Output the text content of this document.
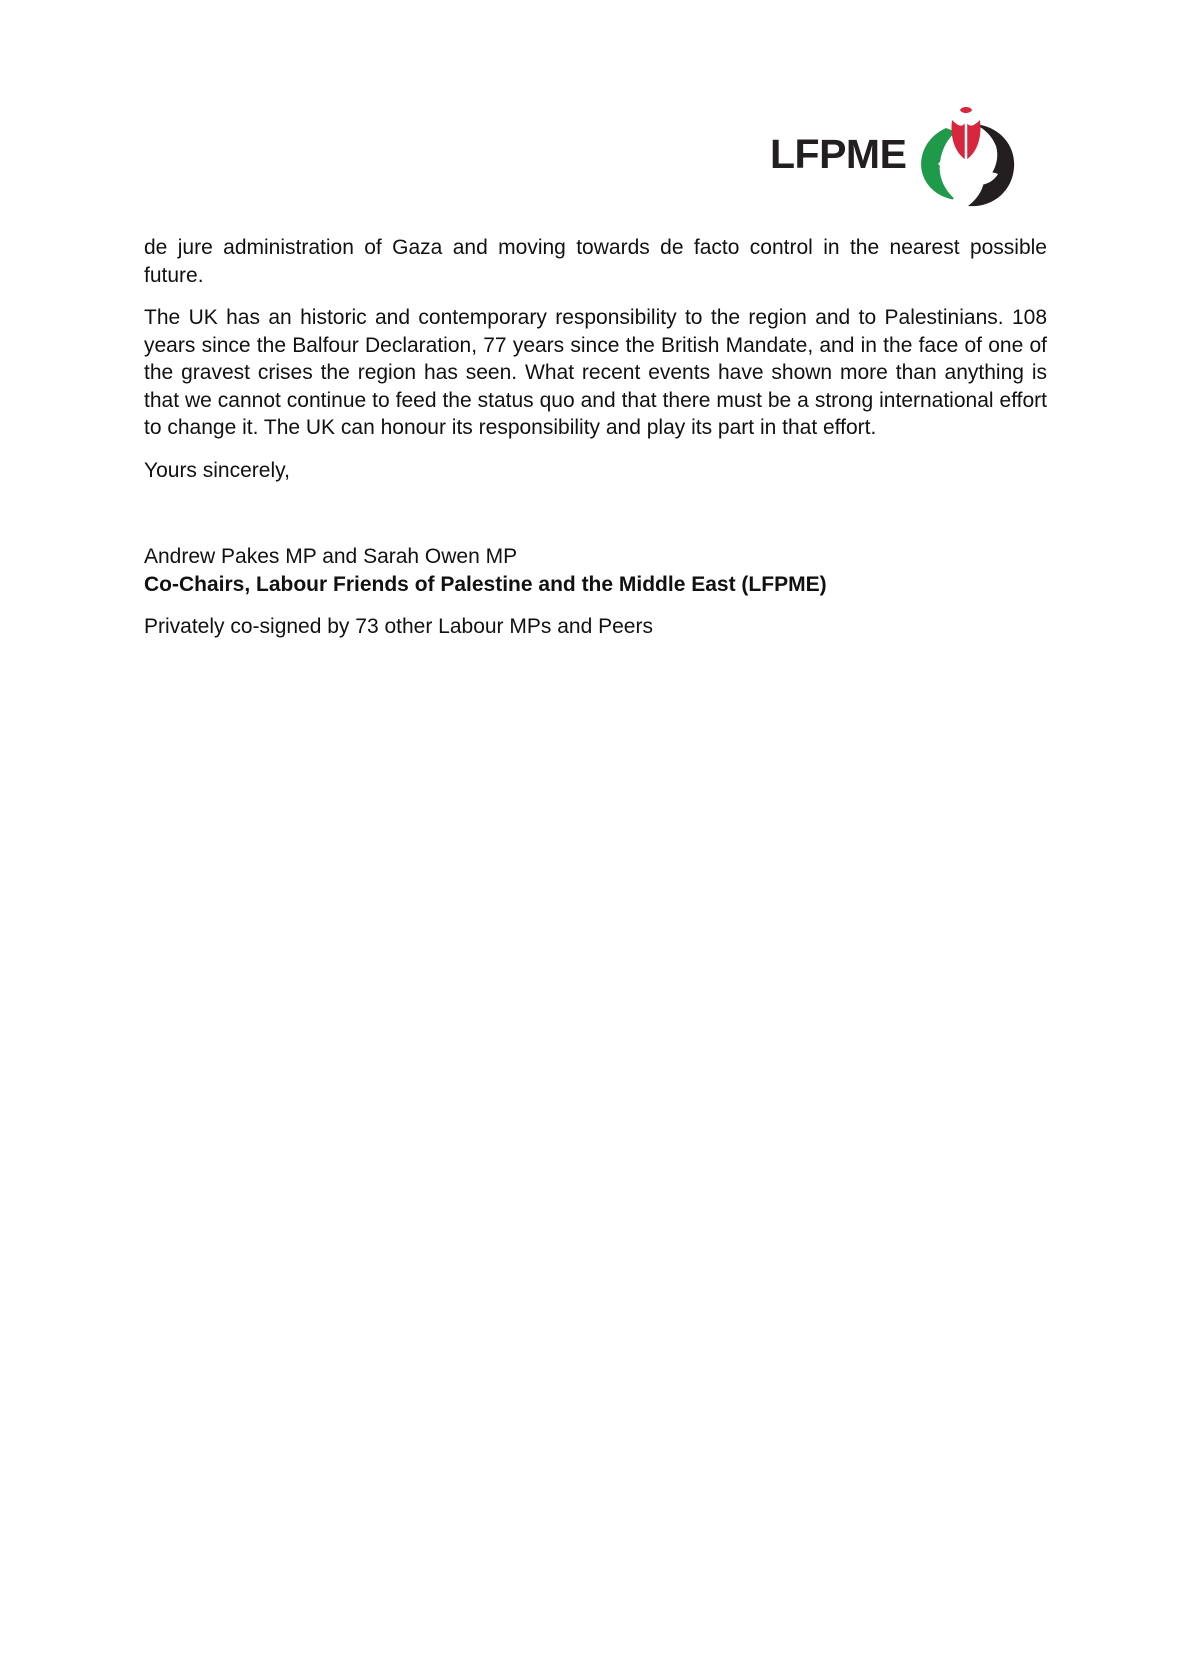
LFPME

de jure administration of Gaza and moving towards de facto control in the nearest possible future.

The UK has an historic and contemporary responsibility to the region and to Palestinians. 108 years since the Balfour Declaration, 77 years since the British Mandate, and in the face of one of the gravest crises the region has seen. What recent events have shown more than anything is that we cannot continue to feed the status quo and that there must be a strong international effort to change it. The UK can honour its responsibility and play its part in that effort.

Yours sincerely,

Andrew Pakes MP and Sarah Owen MP

Co-Chairs, Labour Friends of Palestine and the Middle East (LFPME)

Privately co-signed by 73 other Labour MPs and Peers
